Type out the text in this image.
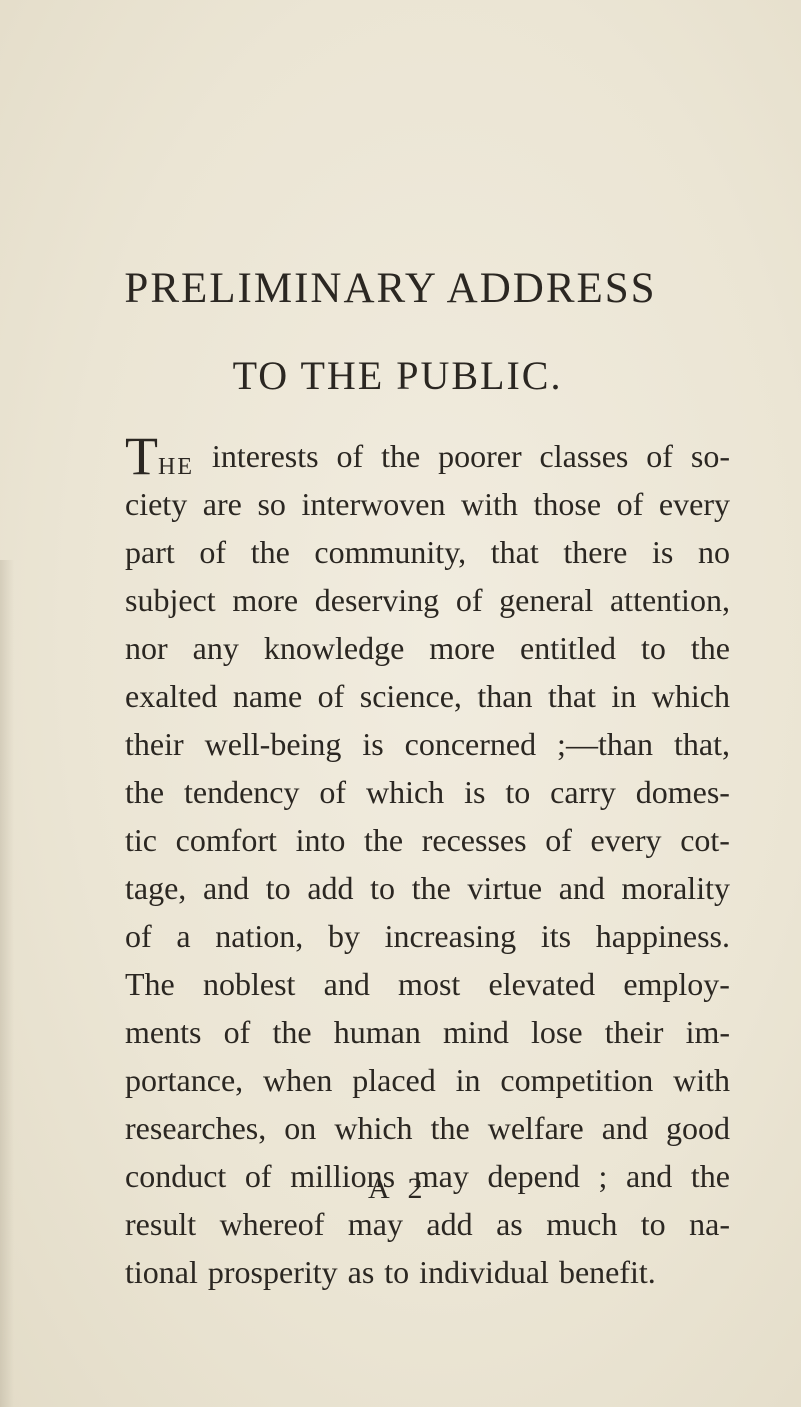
PRELIMINARY ADDRESS
TO THE PUBLIC.
THE interests of the poorer classes of so-
ciety are so interwoven with those of every
part of the community, that there is no
subject more deserving of general attention,
nor any knowledge more entitled to the
exalted name of science, than that in which
their well-being is concerned ;—than that,
the tendency of which is to carry domes-
tic comfort into the recesses of every cot-
tage, and to add to the virtue and morality
of a nation, by increasing its happiness.
The noblest and most elevated employ-
ments of the human mind lose their im-
portance, when placed in competition with
researches, on which the welfare and good
conduct of millions may depend ; and the
result whereof may add as much to na-
tional prosperity as to individual benefit.
A 2
